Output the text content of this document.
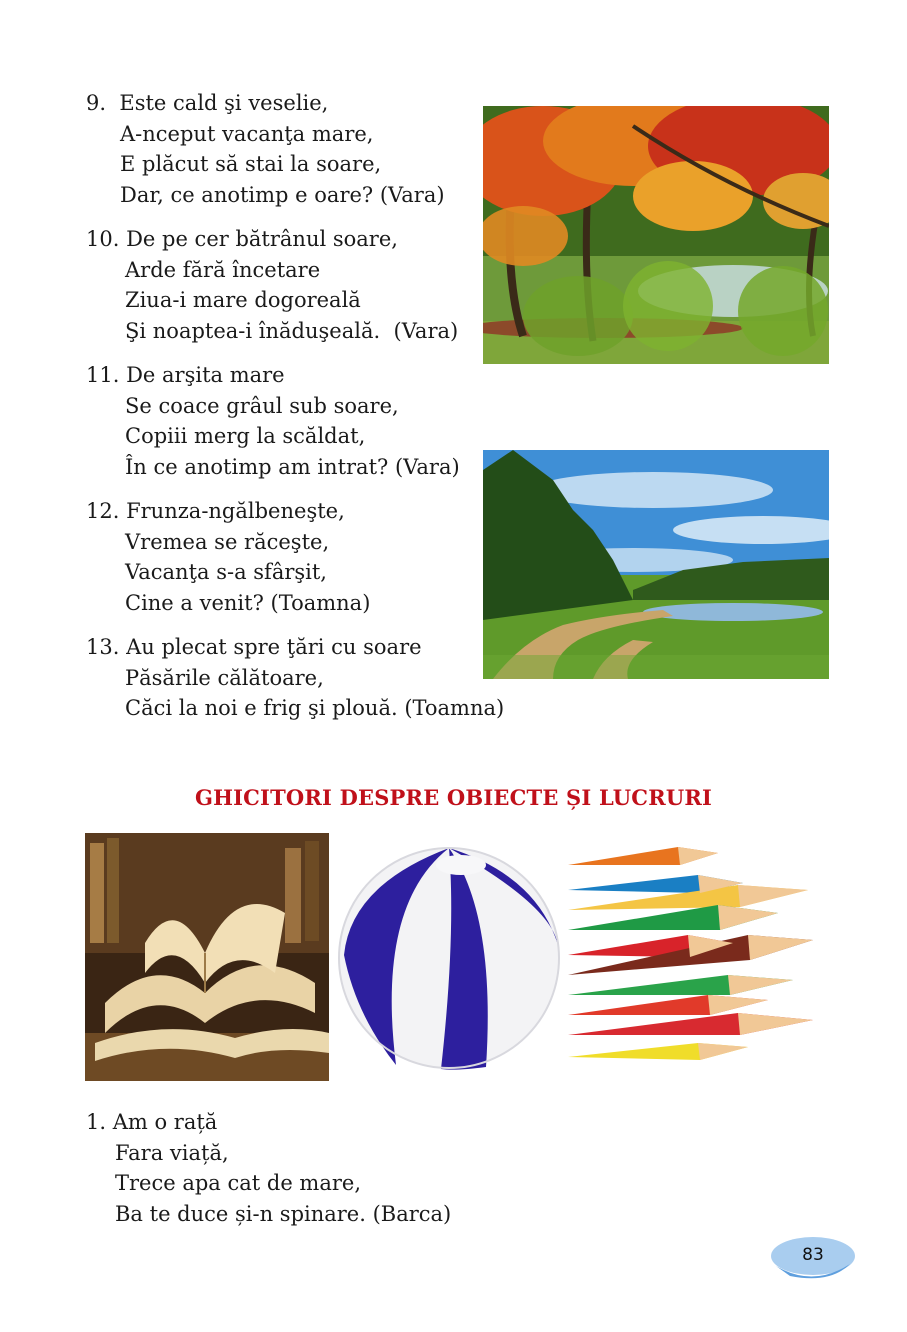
9.  Este cald şi veselie,
A-nceput vacanţa mare,
E plăcut să stai la soare,
Dar, ce anotimp e oare? (Vara)
10. De pe cer bătrânul soare,
Arde fără încetare
Ziua-i mare dogoreală
Şi noaptea-i înăduşeală.  (Vara)
11. De arşita mare
Se coace grâul sub soare,
Copiii merg la scăldat,
În ce anotimp am intrat? (Vara)
12. Frunza-ngălbeneşte,
Vremea se răceşte,
Vacanţa s-a sfârşit,
Cine a venit? (Toamna)
13. Au plecat spre ţări cu soare
Păsările călătoare,
Căci la noi e frig şi plouă. (Toamna)
GHICITORI DESPRE OBIECTE ȘI LUCRURI
1. Am o rață
Fara viață,
Trece apa cat de mare,
Ba te duce și-n spinare. (Barca)
83
